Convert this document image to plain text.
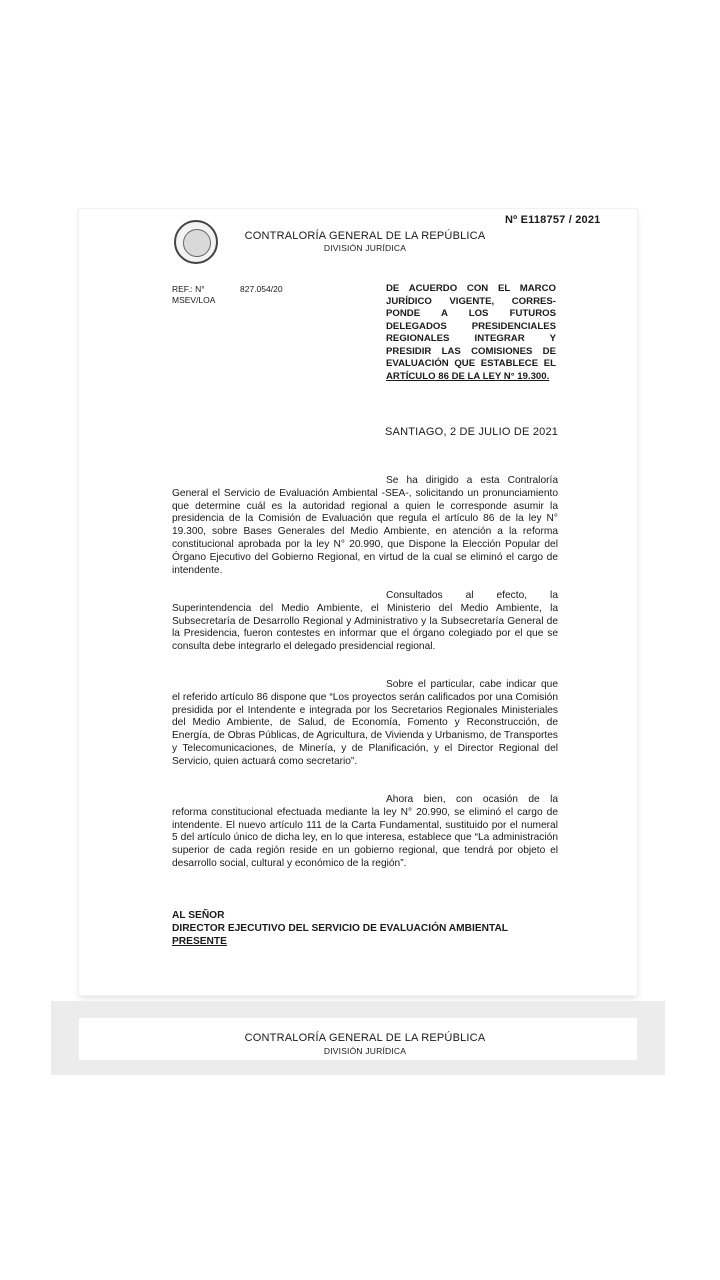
Nº E118757 / 2021
CONTRALORÍA GENERAL DE LA REPÚBLICA
DIVISIÓN JURÍDICA
REF.: N°	827.054/20
MSEV/LOA
DE ACUERDO CON EL MARCO JURÍDICO VIGENTE, CORRES-PONDE A LOS FUTUROS DELEGADOS PRESIDENCIALES REGIONALES INTEGRAR Y PRESIDIR LAS COMISIONES DE EVALUACIÓN QUE ESTABLECE EL
ARTÍCULO 86 DE LA LEY N° 19.300.
SANTIAGO, 2 DE JULIO DE 2021
Se ha dirigido a esta Contraloría General el Servicio de Evaluación Ambiental -SEA-, solicitando un pronunciamiento que determine cuál es la autoridad regional a quien le corresponde asumir la presidencia de la Comisión de Evaluación que regula el artículo 86 de la ley N° 19.300, sobre Bases Generales del Medio Ambiente, en atención a la reforma constitucional aprobada por la ley N° 20.990, que Dispone la Elección Popular del Órgano Ejecutivo del Gobierno Regional, en virtud de la cual se eliminó el cargo de intendente.
Consultados al efecto, la Superintendencia del Medio Ambiente, el Ministerio del Medio Ambiente, la Subsecretaría de Desarrollo Regional y Administrativo y la Subsecretaría General de la Presidencia, fueron contestes en informar que el órgano colegiado por el que se consulta debe integrarlo el delegado presidencial regional.
Sobre el particular, cabe indicar que el referido artículo 86 dispone que “Los proyectos serán calificados por una Comisión presidida por el Intendente e integrada por los Secretarios Regionales Ministeriales del Medio Ambiente, de Salud, de Economía, Fomento y Reconstrucción, de Energía, de Obras Públicas, de Agricultura, de Vivienda y Urbanismo, de Transportes y Telecomunicaciones, de Minería, y de Planificación, y el Director Regional del Servicio, quien actuará como secretario”.
Ahora bien, con ocasión de la reforma constitucional efectuada mediante la ley N° 20.990, se eliminó el cargo de intendente. El nuevo artículo 111 de la Carta Fundamental, sustituido por el numeral 5 del artículo único de dicha ley, en lo que interesa, establece que “La administración superior de cada región reside en un gobierno regional, que tendrá por objeto el desarrollo social, cultural y económico de la región”.
AL SEÑOR
DIRECTOR EJECUTIVO DEL SERVICIO DE EVALUACIÓN AMBIENTAL
PRESENTE
CONTRALORÍA GENERAL DE LA REPÚBLICA
DIVISIÓN JURÍDICA
